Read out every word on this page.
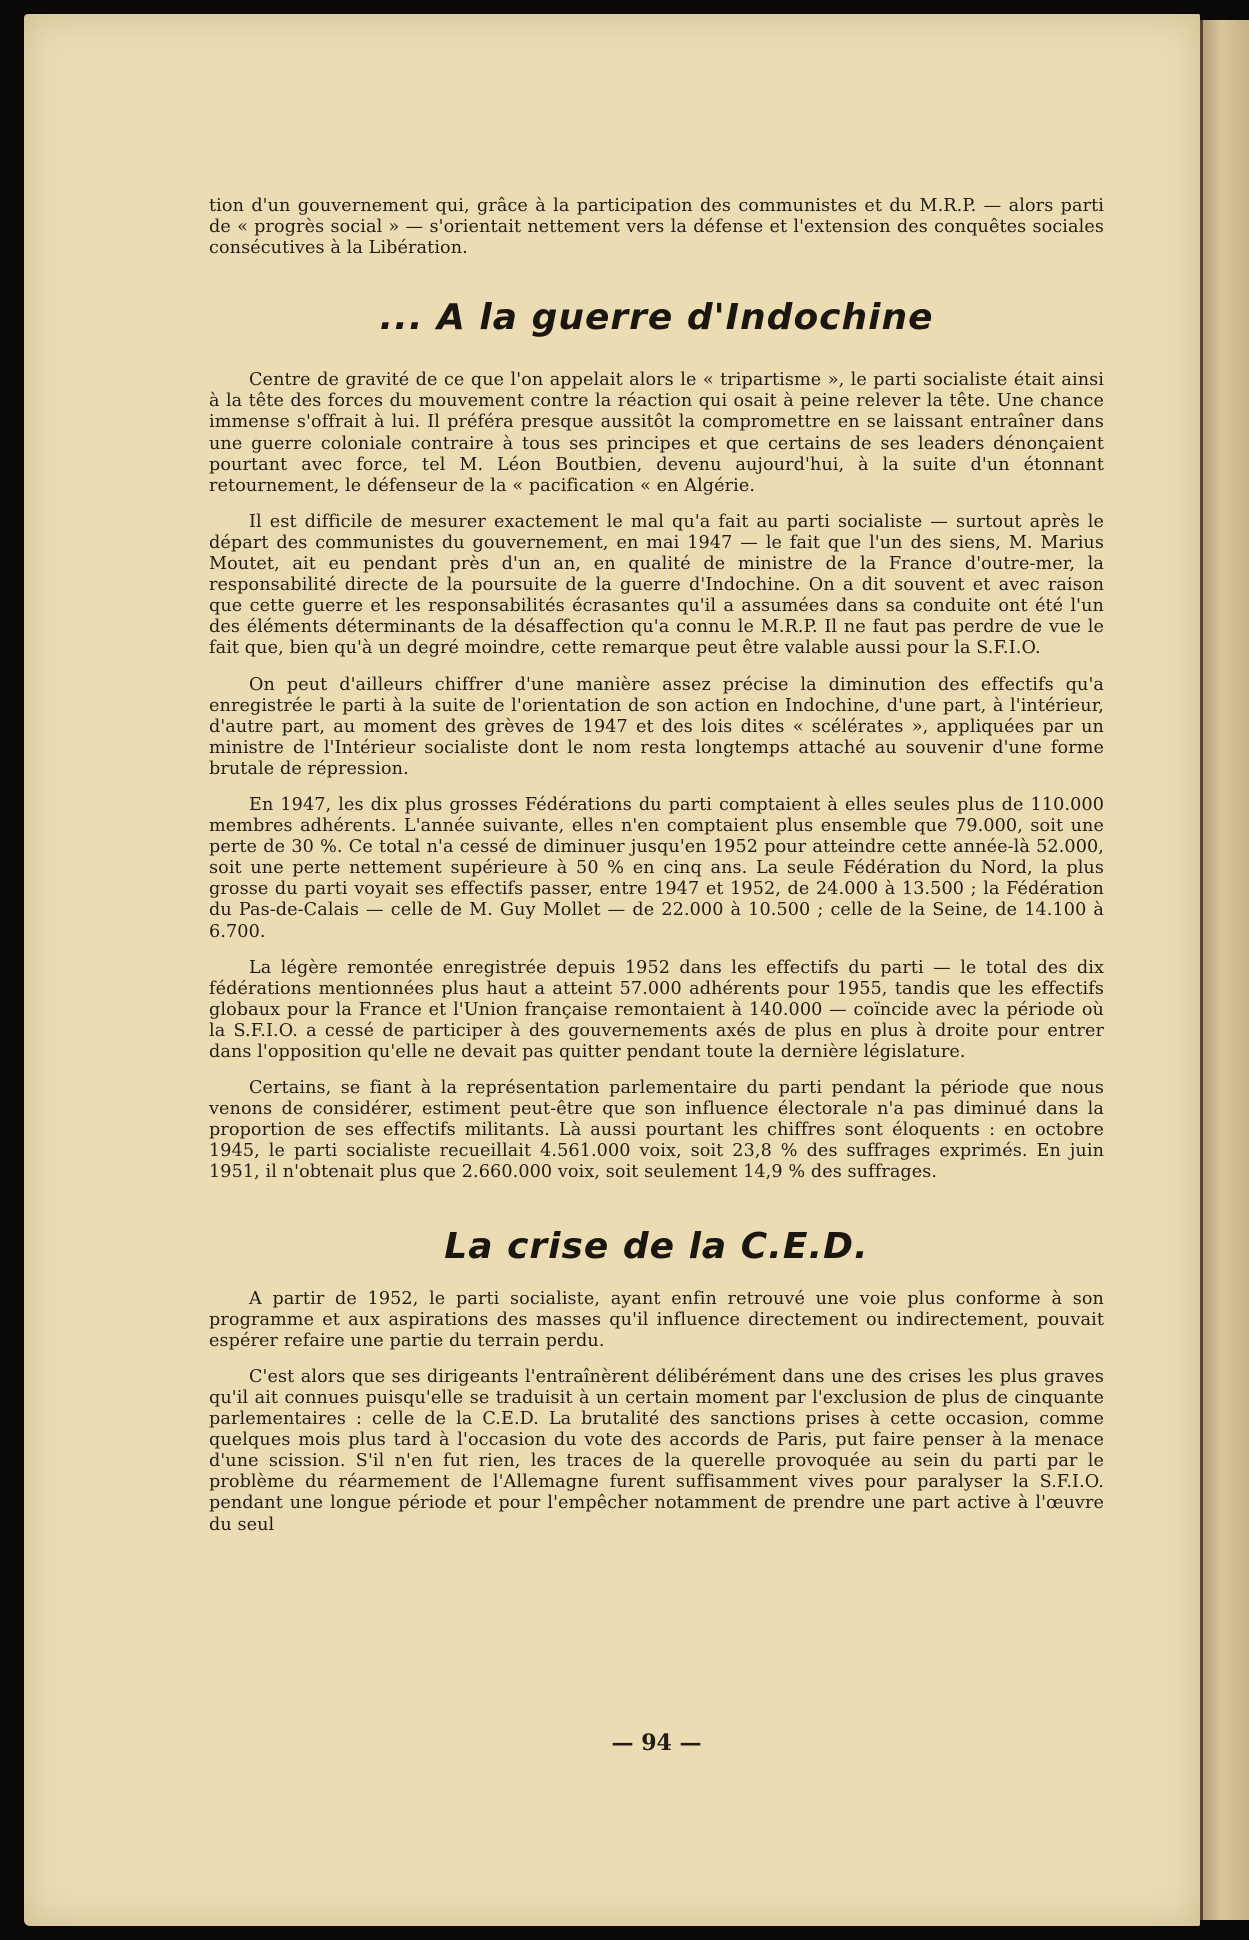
tion d'un gouvernement qui, grâce à la participation des communistes et du M.R.P. — alors parti de « progrès social » — s'orientait nettement vers la défense et l'extension des conquêtes sociales consécutives à la Libération.

... A la guerre d'Indochine

Centre de gravité de ce que l'on appelait alors le « tripartisme », le parti socialiste était ainsi à la tête des forces du mouvement contre la réaction qui osait à peine relever la tête. Une chance immense s'offrait à lui. Il préféra presque aussitôt la compromettre en se laissant entraîner dans une guerre coloniale contraire à tous ses principes et que certains de ses leaders dénonçaient pourtant avec force, tel M. Léon Boutbien, devenu aujourd'hui, à la suite d'un étonnant retournement, le défenseur de la « pacification « en Algérie.

Il est difficile de mesurer exactement le mal qu'a fait au parti socialiste — surtout après le départ des communistes du gouvernement, en mai 1947 — le fait que l'un des siens, M. Marius Moutet, ait eu pendant près d'un an, en qualité de ministre de la France d'outre-mer, la responsabilité directe de la poursuite de la guerre d'Indochine. On a dit souvent et avec raison que cette guerre et les responsabilités écrasantes qu'il a assumées dans sa conduite ont été l'un des éléments déterminants de la désaffection qu'a connu le M.R.P. Il ne faut pas perdre de vue le fait que, bien qu'à un degré moindre, cette remarque peut être valable aussi pour la S.F.I.O.

On peut d'ailleurs chiffrer d'une manière assez précise la diminution des effectifs qu'a enregistrée le parti à la suite de l'orientation de son action en Indochine, d'une part, à l'intérieur, d'autre part, au moment des grèves de 1947 et des lois dites « scélérates », appliquées par un ministre de l'Intérieur socialiste dont le nom resta longtemps attaché au souvenir d'une forme brutale de répression.

En 1947, les dix plus grosses Fédérations du parti comptaient à elles seules plus de 110.000 membres adhérents. L'année suivante, elles n'en comptaient plus ensemble que 79.000, soit une perte de 30 %. Ce total n'a cessé de diminuer jusqu'en 1952 pour atteindre cette année-là 52.000, soit une perte nettement supérieure à 50 % en cinq ans. La seule Fédération du Nord, la plus grosse du parti voyait ses effectifs passer, entre 1947 et 1952, de 24.000 à 13.500 ; la Fédération du Pas-de-Calais — celle de M. Guy Mollet — de 22.000 à 10.500 ; celle de la Seine, de 14.100 à 6.700.

La légère remontée enregistrée depuis 1952 dans les effectifs du parti — le total des dix fédérations mentionnées plus haut a atteint 57.000 adhérents pour 1955, tandis que les effectifs globaux pour la France et l'Union française remontaient à 140.000 — coïncide avec la période où la S.F.I.O. a cessé de participer à des gouvernements axés de plus en plus à droite pour entrer dans l'opposition qu'elle ne devait pas quitter pendant toute la dernière législature.

Certains, se fiant à la représentation parlementaire du parti pendant la période que nous venons de considérer, estiment peut-être que son influence électorale n'a pas diminué dans la proportion de ses effectifs militants. Là aussi pourtant les chiffres sont éloquents : en octobre 1945, le parti socialiste recueillait 4.561.000 voix, soit 23,8 % des suffrages exprimés. En juin 1951, il n'obtenait plus que 2.660.000 voix, soit seulement 14,9 % des suffrages.

La crise de la C.E.D.

A partir de 1952, le parti socialiste, ayant enfin retrouvé une voie plus conforme à son programme et aux aspirations des masses qu'il influence directement ou indirectement, pouvait espérer refaire une partie du terrain perdu.

C'est alors que ses dirigeants l'entraînèrent délibérément dans une des crises les plus graves qu'il ait connues puisqu'elle se traduisit à un certain moment par l'exclusion de plus de cinquante parlementaires : celle de la C.E.D. La brutalité des sanctions prises à cette occasion, comme quelques mois plus tard à l'occasion du vote des accords de Paris, put faire penser à la menace d'une scission. S'il n'en fut rien, les traces de la querelle provoquée au sein du parti par le problème du réarmement de l'Allemagne furent suffisamment vives pour paralyser la S.F.I.O. pendant une longue période et pour l'empêcher notamment de prendre une part active à l'œuvre du seul

— 94 —
